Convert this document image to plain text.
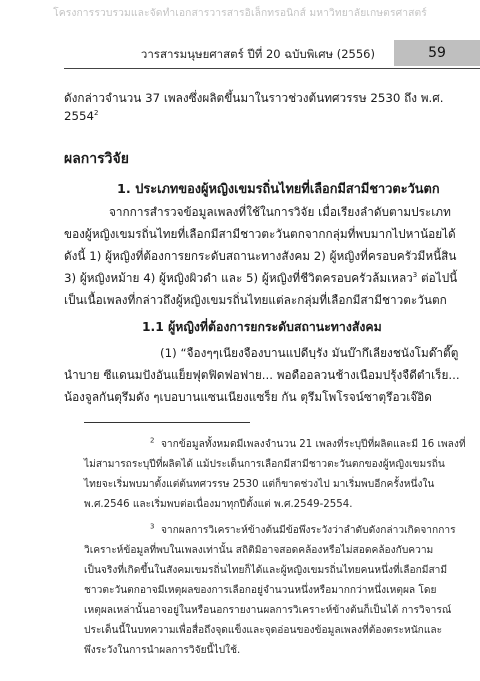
โครงการรวบรวมและจัดทำเอกสารวารสารอิเล็กทรอนิกส์ มหาวิทยาลัยเกษตรศาสตร์
วารสารมนุษยศาสตร์ ปีที่ 20 ฉบับพิเศษ (2556)	59
ดังกล่าวจำนวน 37 เพลงซึ่งผลิตขึ้นมาในราวช่วงต้นทศวรรษ 2530 ถึง พ.ศ.
2554$^2$
ผลการวิจัย
1. ประเภทของผู้หญิงเขมรถิ่นไทยที่เลือกมีสามีชาวตะวันตก
จากการสำรวจข้อมูลเพลงที่ใช้ในการวิจัย เมื่อเรียงลำดับตามประเภท
ของผู้หญิงเขมรถิ่นไทยที่เลือกมีสามีชาวตะวันตกจากกลุ่มที่พบมากไปหาน้อยได้
ดังนี้ 1) ผู้หญิงที่ต้องการยกระดับสถานะทางสังคม 2) ผู้หญิงที่ครอบครัวมีหนี้สิน
3) ผู้หญิงหม้าย 4) ผู้หญิงผิวดำ และ 5) ผู้หญิงที่ชีวิตครอบครัวล้มเหลว$^3$ ต่อไปนี้
เป็นเนื้อเพลงที่กล่าวถึงผู้หญิงเขมรถิ่นไทยแต่ละกลุ่มที่เลือกมีสามีชาวตะวันตก
1.1 ผู้หญิงที่ต้องการยกระดับสถานะทางสังคม
(1) “จืองๆๆเนียงจืองบานแปดีบฺรัง มันบ๊ากึเลียงชนังโมด๊าตี๊ตู
นำบาย ซีแดนมปังอันแย็ยฟุตฟิดฟอฟาย... พอดืออลวนช้างเนือมปรุ้งจืดีตำเร็ย...
น้องจูลกันตุรึมดัง ๆเบอบานแซนเนียงแซร็ย กัน ตุรึมโพโรจน์ซาตุรึอวเจ๊อิด
$^2$ จากข้อมูลทั้งหมดมีเพลงจำนวน 21 เพลงที่ระบุปีที่ผลิตและมี 16 เพลงที่
ไม่สามารถระบุปีที่ผลิตได้ แม้ประเด็นการเลือกมีสามีชาวตะวันตกของผู้หญิงเขมรถิ่น
ไทยจะเริ่มพบมาตั้งแต่ต้นทศวรรษ 2530 แต่ก็ขาดช่วงไป มาเริ่มพบอีกครั้งหนึ่งใน
พ.ศ.2546 และเริ่มพบต่อเนื่องมาทุกปีตั้งแต่ พ.ศ.2549-2554.
$^3$ จากผลการวิเคราะห์ข้างต้นมีข้อพึงระวังว่าลำดับดังกล่าวเกิดจากการ
วิเคราะห์ข้อมูลที่พบในเพลงเท่านั้น สถิติมิอาจสอดคล้องหรือไม่สอดคล้องกับความ
เป็นจริงที่เกิดขึ้นในสังคมเขมรถิ่นไทยก็ได้และผู้หญิงเขมรถิ่นไทยคนหนึ่งที่เลือกมีสามี
ชาวตะวันตกอาจมีเหตุผลของการเลือกอยู่จำนวนหนึ่งหรือมากกว่าหนึ่งเหตุผล โดย
เหตุผลเหล่านั้นอาจอยู่ในหรือนอกรายงานผลการวิเคราะห์ข้างต้นก็เป็นได้ การวิจารณ์
ประเด็นนี้ในบทความเพื่อสื่อถึงจุดแข็งและจุดอ่อนของข้อมูลเพลงที่ต้องตระหนักและ
พึงระวังในการนำผลการวิจัยนี้ไปใช้.
